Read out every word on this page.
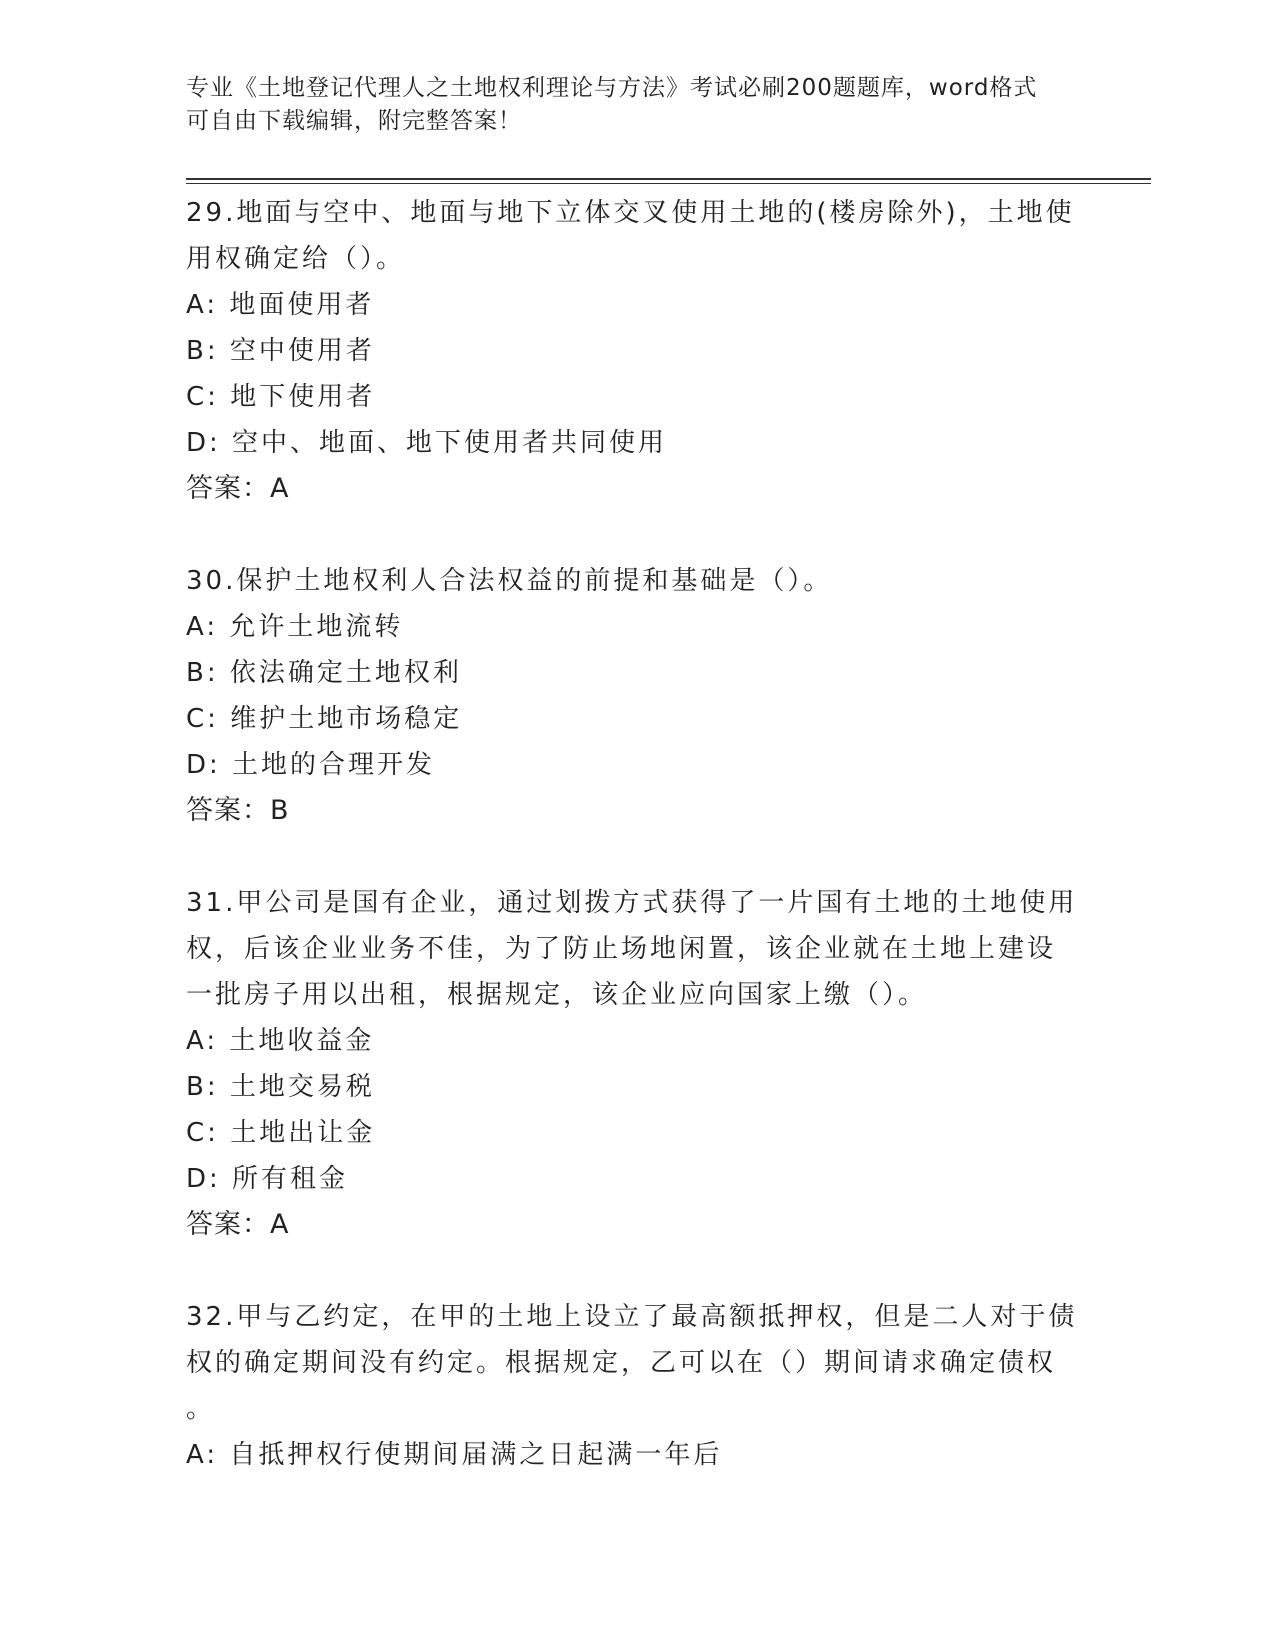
专业《土地登记代理人之土地权利理论与方法》考试必刷200题题库，word格式
可自由下载编辑，附完整答案！
29.地面与空中、地面与地下立体交叉使用土地的(楼房除外)，土地使
用权确定给（）。
A:
地面使用者
B:
空中使用者
C:
地下使用者
D:
空中、地面、地下使用者共同使用
答案：A
30.保护土地权利人合法权益的前提和基础是（）。
A:
允许土地流转
B:
依法确定土地权利
C:
维护土地市场稳定
D:
土地的合理开发
答案：B
31.甲公司是国有企业，通过划拨方式获得了一片国有土地的土地使用
权，后该企业业务不佳，为了防止场地闲置，该企业就在土地上建设
一批房子用以出租，根据规定，该企业应向国家上缴（）。
A:
土地收益金
B:
土地交易税
C:
土地出让金
D:
所有租金
答案：A
32.甲与乙约定，在甲的土地上设立了最高额抵押权，但是二人对于债
权的确定期间没有约定。根据规定，乙可以在（）期间请求确定债权
。
A:
自抵押权行使期间届满之日起满一年后
